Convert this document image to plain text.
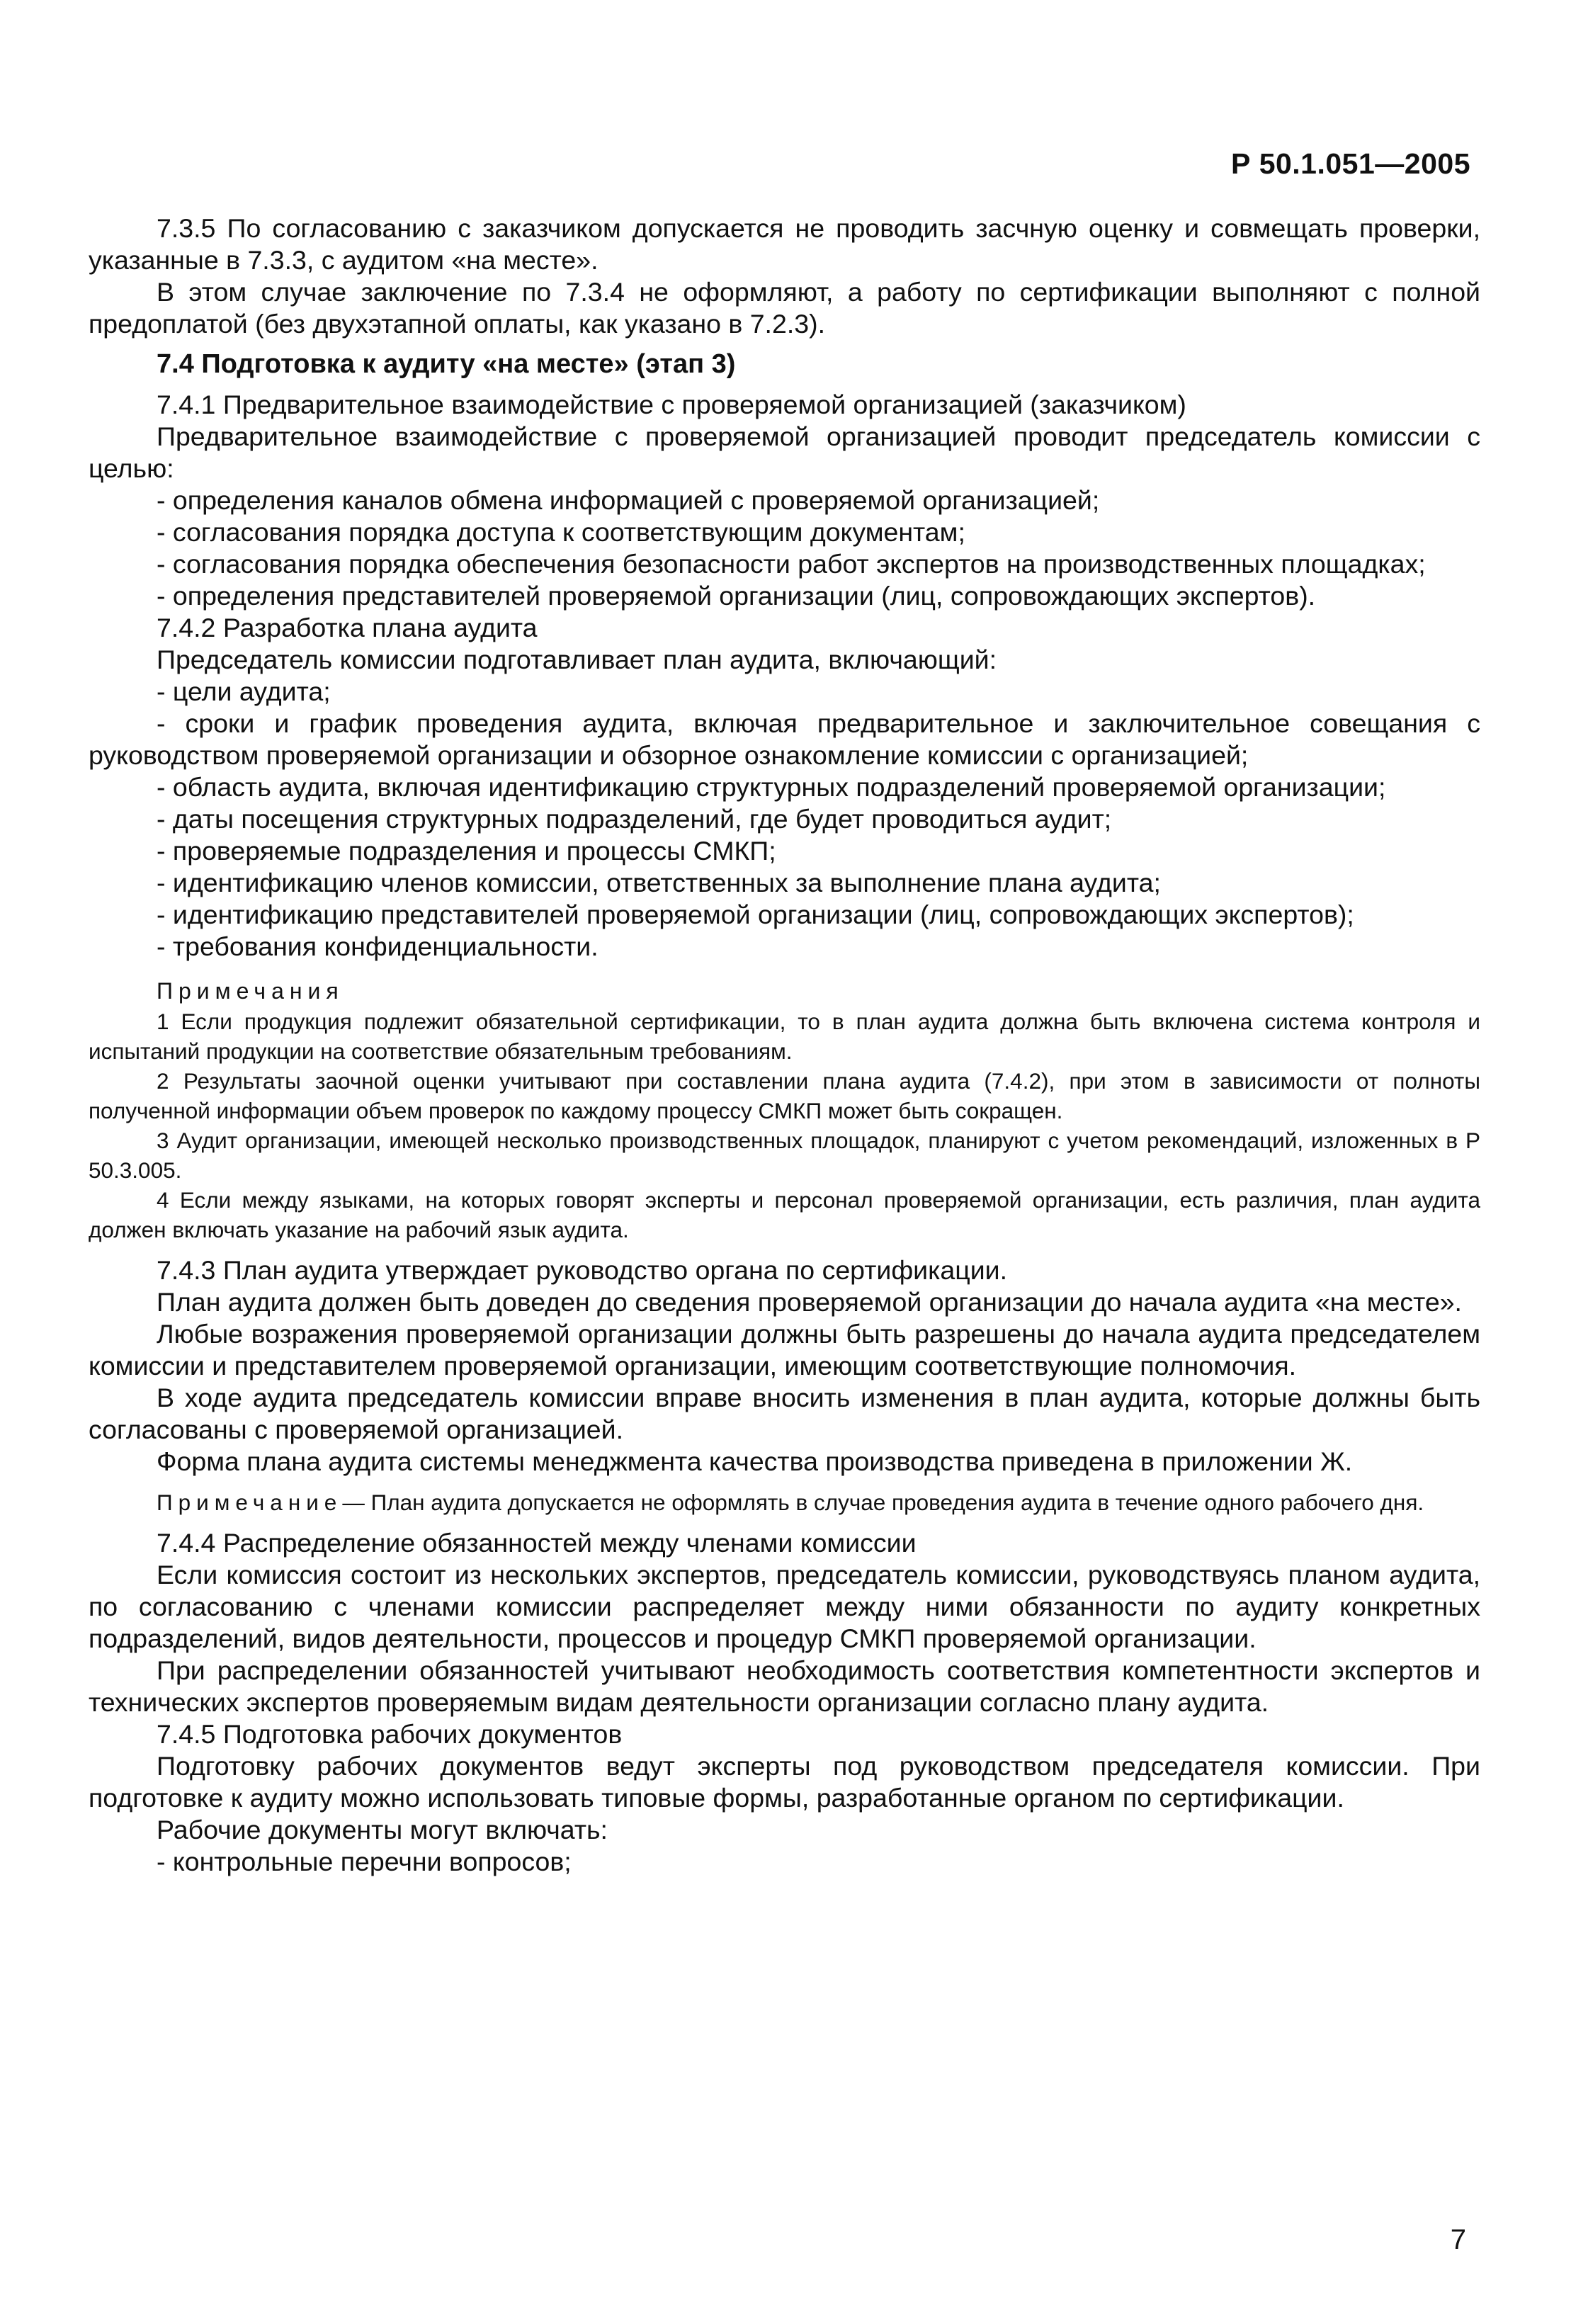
Р 50.1.051—2005

7.3.5 По согласованию с заказчиком допускается не проводить засчную оценку и совмещать проверки, указанные в 7.3.3, с аудитом «на месте».

В этом случае заключение по 7.3.4 не оформляют, а работу по сертификации выполняют с полной предоплатой (без двухэтапной оплаты, как указано в 7.2.3).

7.4 Подготовка к аудиту «на месте» (этап 3)

7.4.1 Предварительное взаимодействие с проверяемой организацией (заказчиком)

Предварительное взаимодействие с проверяемой организацией проводит председатель комиссии с целью:

- определения каналов обмена информацией с проверяемой организацией;

- согласования порядка доступа к соответствующим документам;

- согласования порядка обеспечения безопасности работ экспертов на производственных площадках;

- определения представителей проверяемой организации (лиц, сопровождающих экспертов).

7.4.2 Разработка плана аудита

Председатель комиссии подготавливает план аудита, включающий:

- цели аудита;

- сроки и график проведения аудита, включая предварительное и заключительное совещания с руководством проверяемой организации и обзорное ознакомление комиссии с организацией;

- область аудита, включая идентификацию структурных подразделений проверяемой организации;

- даты посещения структурных подразделений, где будет проводиться аудит;

- проверяемые подразделения и процессы СМКП;

- идентификацию членов комиссии, ответственных за выполнение плана аудита;

- идентификацию представителей проверяемой организации (лиц, сопровождающих экспертов);

- требования конфиденциальности.

Примечания

1 Если продукция подлежит обязательной сертификации, то в план аудита должна быть включена система контроля и испытаний продукции на соответствие обязательным требованиям.

2 Результаты заочной оценки учитывают при составлении плана аудита (7.4.2), при этом в зависимости от полноты полученной информации объем проверок по каждому процессу СМКП может быть сокращен.

3 Аудит организации, имеющей несколько производственных площадок, планируют с учетом рекомендаций, изложенных в Р 50.3.005.

4 Если между языками, на которых говорят эксперты и персонал проверяемой организации, есть различия, план аудита должен включать указание на рабочий язык аудита.

7.4.3 План аудита утверждает руководство органа по сертификации.

План аудита должен быть доведен до сведения проверяемой организации до начала аудита «на месте».

Любые возражения проверяемой организации должны быть разрешены до начала аудита председателем комиссии и представителем проверяемой организации, имеющим соответствующие полномочия.

В ходе аудита председатель комиссии вправе вносить изменения в план аудита, которые должны быть согласованы с проверяемой организацией.

Форма плана аудита системы менеджмента качества производства приведена в приложении Ж.

Примечание— План аудита допускается не оформлять в случае проведения аудита в течение одного рабочего дня.

7.4.4 Распределение обязанностей между членами комиссии

Если комиссия состоит из нескольких экспертов, председатель комиссии, руководствуясь планом аудита, по согласованию с членами комиссии распределяет между ними обязанности по аудиту конкретных подразделений, видов деятельности, процессов и процедур СМКП проверяемой организации.

При распределении обязанностей учитывают необходимость соответствия компетентности экспертов и технических экспертов проверяемым видам деятельности организации согласно плану аудита.

7.4.5 Подготовка рабочих документов

Подготовку рабочих документов ведут эксперты под руководством председателя комиссии. При подготовке к аудиту можно использовать типовые формы, разработанные органом по сертификации.

Рабочие документы могут включать:

- контрольные перечни вопросов;

7
